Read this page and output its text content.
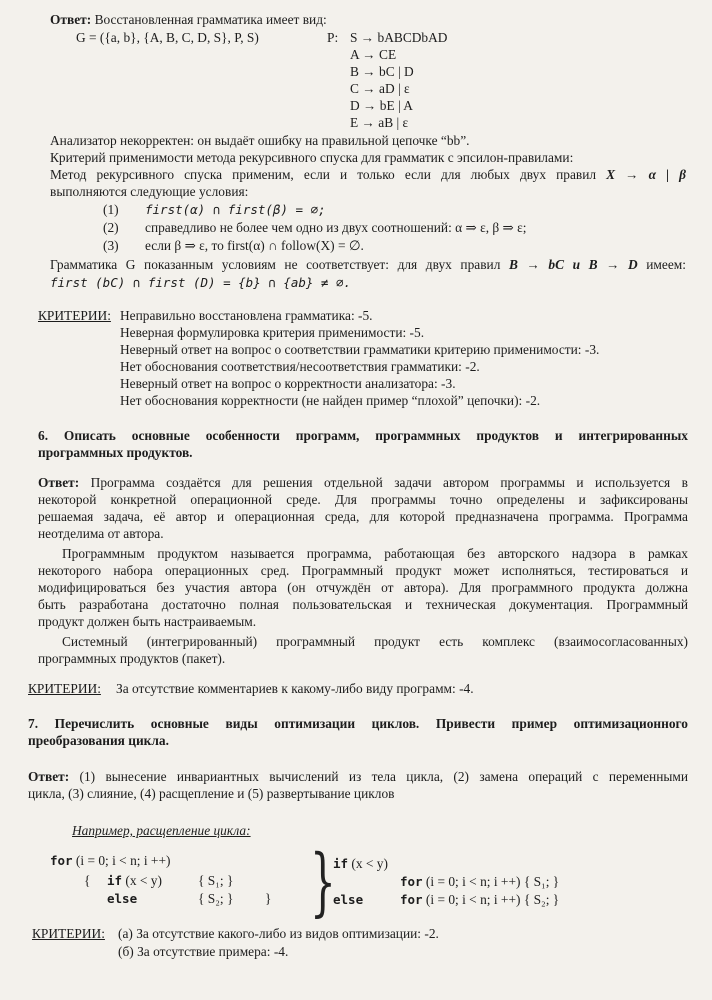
Ответ: Восстановленная грамматика имеет вид:
G = ({a, b}, {A, B, C, D, S}, P, S)	P: S → bABCDbAD
A → CE
B → bC | D
C → aD | ε
D → bE | A
E → aB | ε
Анализатор некорректен: он выдаёт ошибку на правильной цепочке “bb”.
Критерий применимости метода рекурсивного спуска для грамматик с эпсилон-правилами:
Метод рекурсивного спуска применим, если и только если для любых двух правил X → α | β
выполняются следующие условия:
(1) first(α) ∩ first(β) = ∅;
(2) справедливо не более чем одно из двух соотношений: α ⇒ ε, β ⇒ ε;
(3) если β ⇒ ε, то first(α) ∩ follow(X) = ∅.
Грамматика G показанным условиям не соответствует: для двух правил B → bC и B → D имеем:
first (bC) ∩ first (D) = {b} ∩ {ab} ≠ ∅.
КРИТЕРИИ: Неправильно восстановлена грамматика: -5.
Неверная формулировка критерия применимости: -5.
Неверный ответ на вопрос о соответствии грамматики критерию применимости: -3.
Нет обоснования соответствия/несоответствия грамматики: -2.
Неверный ответ на вопрос о корректности анализатора: -3.
Нет обоснования корректности (не найден пример “плохой” цепочки): -2.
6. Описать основные особенности программ, программных продуктов и интегрированных
программных продуктов.
Ответ: Программа создаётся для решения отдельной задачи автором программы и используется в
некоторой конкретной операционной среде. Для программы точно определены и зафиксированы
решаемая задача, её автор и операционная среда, для которой предназначена программа. Программа
неотделима от автора.
Программным продуктом называется программа, работающая без авторского надзора в рамках
некоторого набора операционных сред. Программный продукт может исполняться, тестироваться и
модифицироваться без участия автора (он отчуждён от автора). Для программного продукта должна
быть разработана достаточно полная пользовательская и техническая документация. Программный
продукт должен быть настраиваемым.
Системный (интегрированный) программный продукт есть комплекс (взаимосогласованных)
программных продуктов (пакет).
КРИТЕРИИ: За отсутствие комментариев к какому-либо виду программ: -4.
7. Перечислить основные виды оптимизации циклов. Привести пример оптимизационного
преобразования цикла.
Ответ: (1) вынесение инвариантных вычислений из тела цикла, (2) замена операций с переменными
цикла, (3) слияние, (4) расщепление и (5) развертывание циклов
Например, расщепление цикла:
for (i = 0; i < n; i ++)
{ if (x < y)	{ S₁; }
else	{ S₂; } } }
if (x < y)
for (i = 0; i < n; i ++) { S₁; }
else	for (i = 0; i < n; i ++) { S₂; }
КРИТЕРИИ: (а) За отсутствие какого-либо из видов оптимизации: -2.
(б) За отсутствие примера: -4.
